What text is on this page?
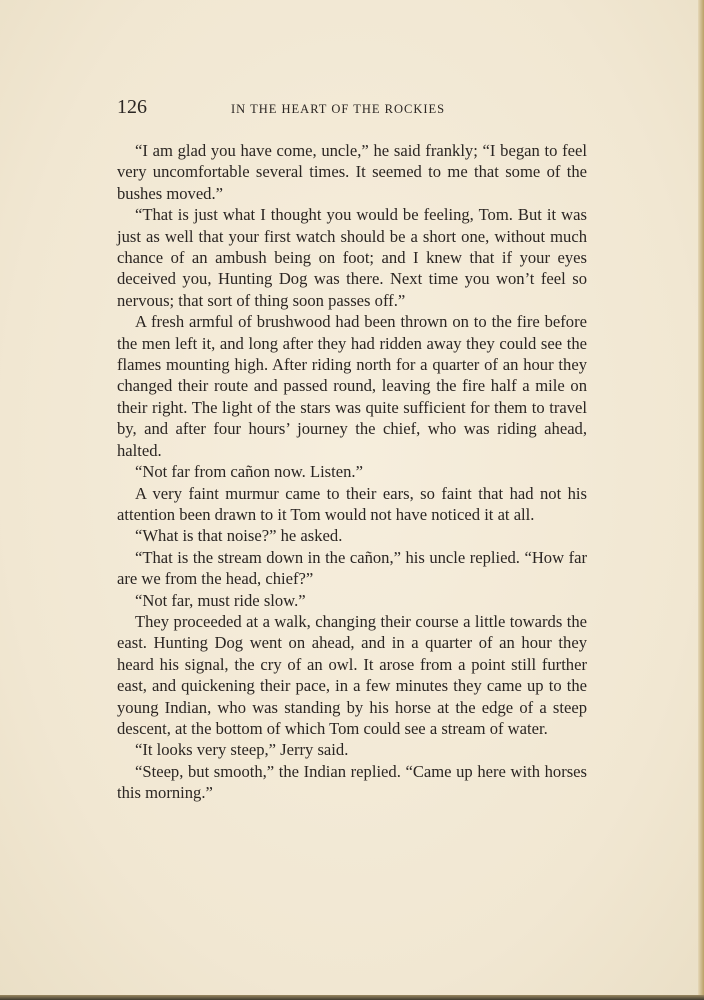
126	IN THE HEART OF THE ROCKIES

“I am glad you have come, uncle,” he said frankly; “I began to feel very uncomfortable several times. It seemed to me that some of the bushes moved.”

“That is just what I thought you would be feeling, Tom. But it was just as well that your first watch should be a short one, without much chance of an ambush being on foot; and I knew that if your eyes deceived you, Hunting Dog was there. Next time you won’t feel so nervous; that sort of thing soon passes off.”

A fresh armful of brushwood had been thrown on to the fire before the men left it, and long after they had ridden away they could see the flames mounting high. After riding north for a quarter of an hour they changed their route and passed round, leaving the fire half a mile on their right. The light of the stars was quite sufficient for them to travel by, and after four hours’ journey the chief, who was riding ahead, halted.

“Not far from cañon now. Listen.”

A very faint murmur came to their ears, so faint that had not his attention been drawn to it Tom would not have noticed it at all.

“What is that noise?” he asked.

“That is the stream down in the cañon,” his uncle replied. “How far are we from the head, chief?”

“Not far, must ride slow.”

They proceeded at a walk, changing their course a little towards the east. Hunting Dog went on ahead, and in a quarter of an hour they heard his signal, the cry of an owl. It arose from a point still further east, and quickening their pace, in a few minutes they came up to the young Indian, who was standing by his horse at the edge of a steep descent, at the bottom of which Tom could see a stream of water.

“It looks very steep,” Jerry said.

“Steep, but smooth,” the Indian replied. “Came up here with horses this morning.”
